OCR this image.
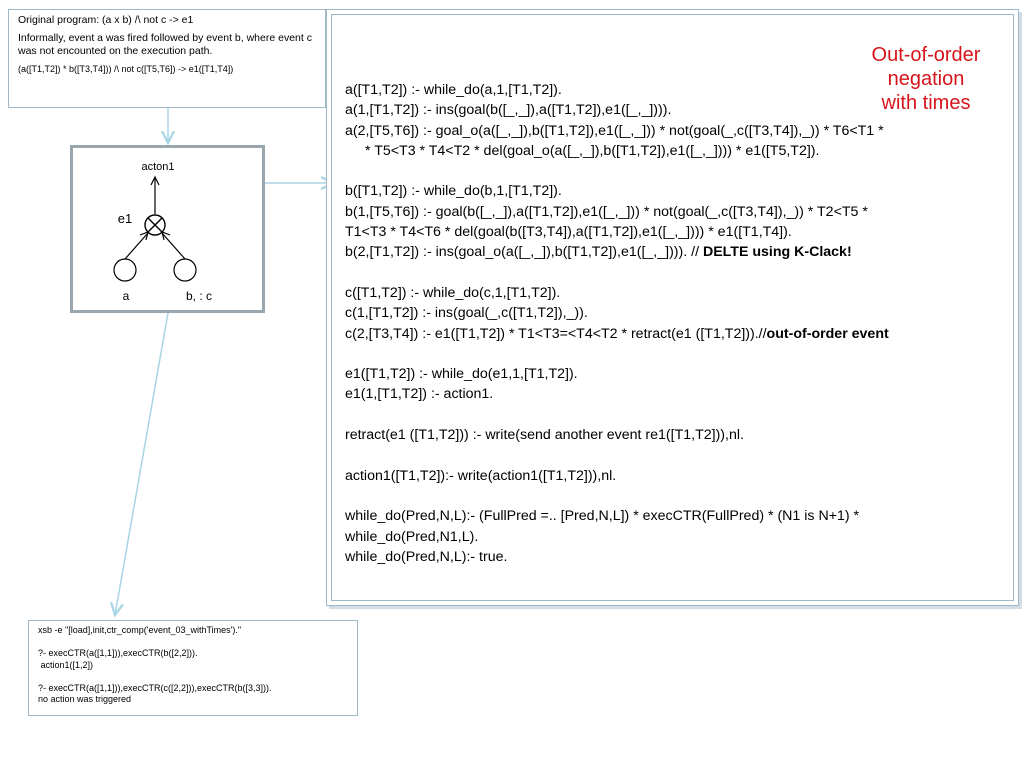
Original program: (a x b) /\ not c -> e1

Informally, event a was fired followed by event b, where event c was not encounted on the execution path.

(a([T1,T2]) * b([T3,T4])) /\ not c([T5,T6]) -> e1([T1,T4])

Out-of-order
negation
with times
a([T1,T2]) :- while_do(a,1,[T1,T2]).
a(1,[T1,T2]) :- ins(goal(b([_,_]),a([T1,T2]),e1([_,_]))).
a(2,[T5,T6]) :- goal_o(a([_,_]),b([T1,T2]),e1([_,_])) * not(goal(_,c([T3,T4]),_)) * T6<T1 *
* T5<T3 * T4<T2 * del(goal_o(a([_,_]),b([T1,T2]),e1([_,_]))) * e1([T5,T2]).
b([T1,T2]) :- while_do(b,1,[T1,T2]).
b(1,[T5,T6]) :- goal(b([_,_]),a([T1,T2]),e1([_,_])) * not(goal(_,c([T3,T4]),_)) * T2<T5 *
T1<T3 * T4<T6 * del(goal(b([T3,T4]),a([T1,T2]),e1([_,_]))) * e1([T1,T4]).
b(2,[T1,T2]) :- ins(goal_o(a([_,_]),b([T1,T2]),e1([_,_]))). // DELTE using K-Clack!
c([T1,T2]) :- while_do(c,1,[T1,T2]).
c(1,[T1,T2]) :- ins(goal(_,c([T1,T2]),_)).
c(2,[T3,T4]) :- e1([T1,T2]) * T1<T3=<T4<T2 * retract(e1 ([T1,T2])).//out-of-order event
e1([T1,T2]) :- while_do(e1,1,[T1,T2]).
e1(1,[T1,T2]) :- action1.
retract(e1 ([T1,T2])) :- write(send another event re1([T1,T2])),nl.
action1([T1,T2]):- write(action1([T1,T2])),nl.
while_do(Pred,N,L):- (FullPred =.. [Pred,N,L]) * execCTR(FullPred) * (N1 is N+1) *
while_do(Pred,N1,L).
while_do(Pred,N,L):- true.
acton1
e1
a	b, : c
xsb -e "[load],init,ctr_comp('event_03_withTimes')."
?- execCTR(a([1,1])),execCTR(b([2,2])).
action1([1,2])
?- execCTR(a([1,1])),execCTR(c([2,2])),execCTR(b([3,3])).
no action was triggered
